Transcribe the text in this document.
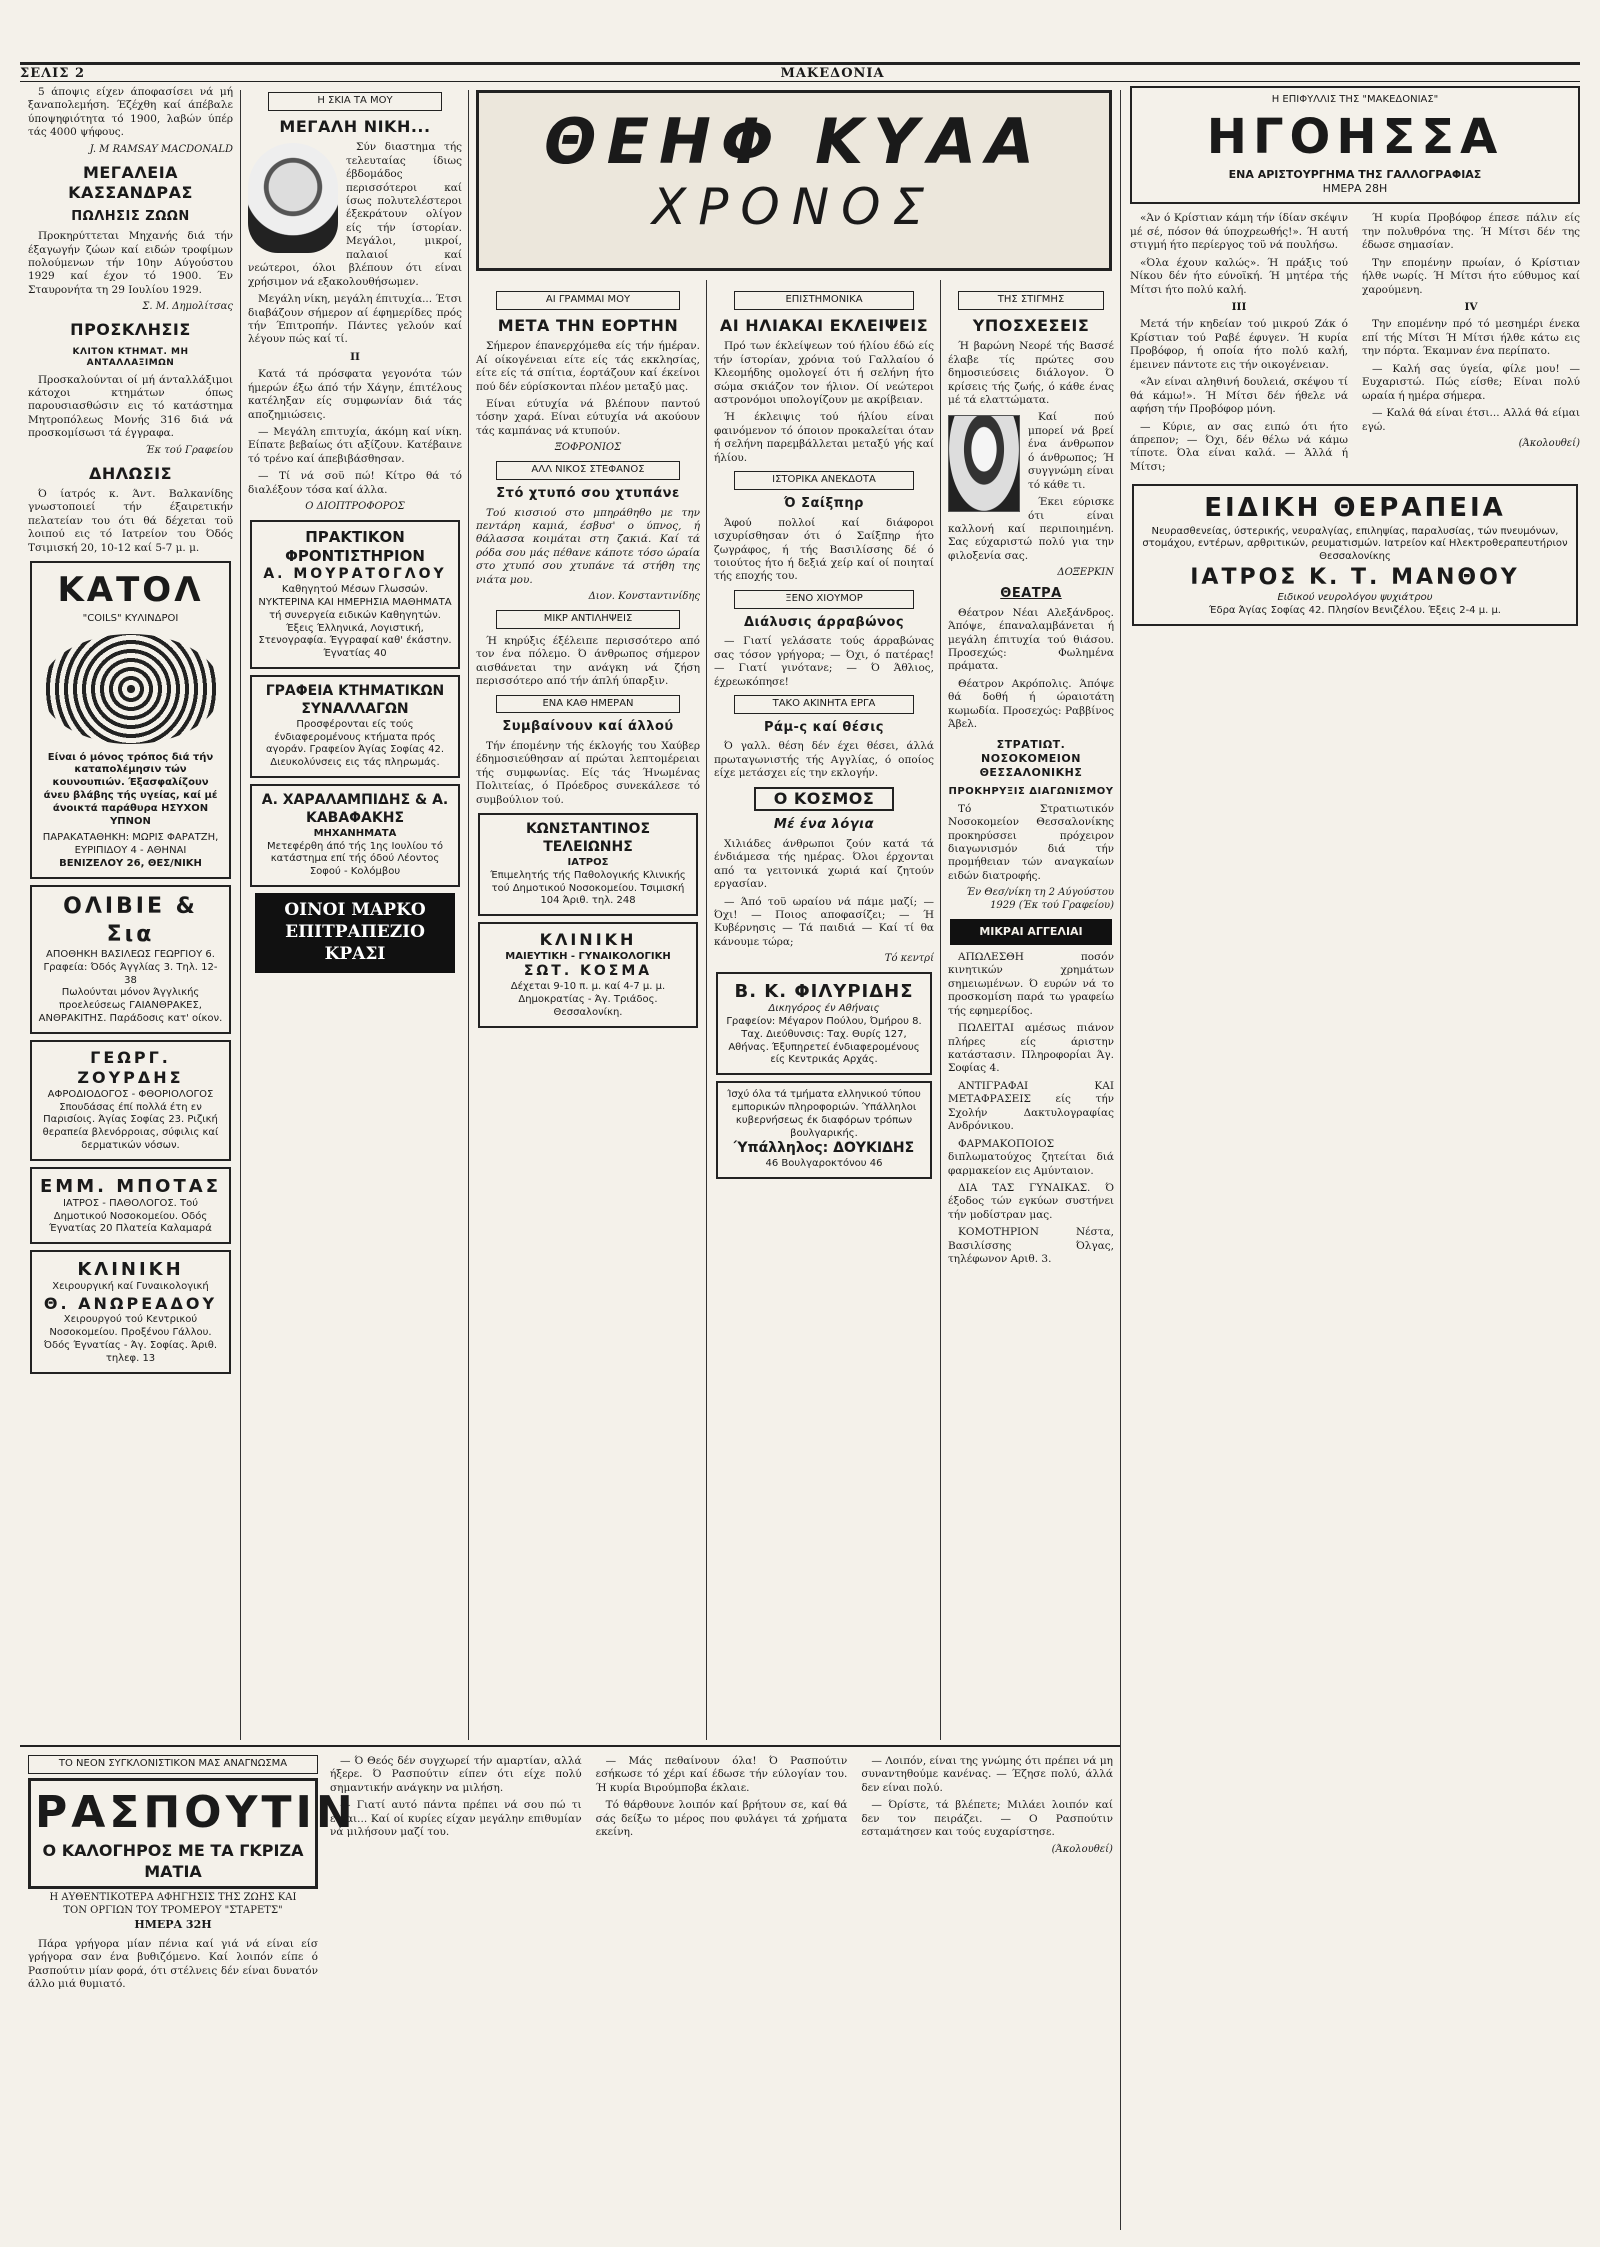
ΣΕΛΙΣ 2	ΜΑΚΕΔΟΝΙΑ

5 άποψις είχεν άποφασίσει νά μή ξαναπολεμήση. Έζέχθη καί άπέβαλε ύποψηφιότητα τό 1900, λαβών ύπέρ τάς 4000 ψήφους.

J. M RAMSAY MACDONALD
ΜΕΓΑΛΕΙΑ ΚΑΣΣΑΝΔΡΑΣ
ΠΩΛΗΣΙΣ ΖΩΩΝ

Προκηρύττεται Μηχανής διά τήν έξαγωγήν ζώων καί ειδών τροφίμων πολούμενων τήν 10ην Αύγούστου 1929 καί έχον τό 1900. Έν Σταυρονήτα τη 29 Ιουλίου 1929.

Σ. Μ. Δημολίτσας
ΠΡΟΣΚΛΗΣΙΣ
ΚΛΙΤΟΝ ΚΤΗΜΑΤ. ΜΗ ΑΝΤΑΛΛΑΞΙΜΩΝ

Προσκαλούνται οί μή άνταλλάξιμοι κάτοχοι κτημάτων όπως παρουσιασθώσιν εις τό κατάστημα Μητροπόλεως Μονής 316 διά νά προσκομίσωσι τά έγγραφα.

Έκ τού Γραφείου
ΔΗΛΩΣΙΣ

Ό ίατρός κ. Άντ. Βαλκανίδης γνωστοποιεί τήν έξαιρετικήν πελατείαν του ότι θά δέχεται τοϋ λοιπού εις τό Ιατρείον του Όδός Τσιμισκή 20, 10-12 καί 5-7 μ. μ.

ΚΑΤΟΛ
"COILS" ΚΥΛΙΝΔΡΟΙ
Είναι ό μόνος τρόπος διά τήν καταπολέμησιν τών κουνουπιών. Έξασφαλίζουν άνευ βλάβης τής υγείας, καί μέ άνοικτά παράθυρα ΗΣΥΧΟΝ ΥΠΝΟΝ
ΠΑΡΑΚΑΤΑΘΗΚΗ: ΜΩΡΙΣ ΦΑΡΑΤΖΗ, ΕΥΡΙΠΙΔΟΥ 4 - ΑΘΗΝΑΙ
ΒΕΝΙΖΕΛΟΥ 26, ΘΕΣ/ΝΙΚΗ
ΟΛΙΒΙΕ & Σια
ΑΠΟΘΗΚΗ ΒΑΣΙΛΕΩΣ ΓΕΩΡΓΙΟΥ 6. Γραφεία: Όδός Άγγλίας 3. Τηλ. 12-38
Πωλούνται μόνον Άγγλικής προελεύσεως ΓΑΙΑΝΘΡΑΚΕΣ, ΑΝΘΡΑΚΙΤΗΣ. Παράδοσις κατ' οίκον.
ΓΕΩΡΓ. ΖΟΥΡΔΗΣ
ΑΦΡΟΔΙΟΔΟΓΟΣ - ΦΘΟΡΙΟΛΟΓΟΣ
Σπουδάσας έπί πολλά έτη εν Παρισίοις. Άγίας Σοφίας 23. Ριζική θεραπεία βλενόρροιας, σύφιλις καί δερματικών νόσων.
ΕΜΜ. ΜΠΟΤΑΣ
ΙΑΤΡΟΣ - ΠΑΘΟΛΟΓΟΣ. Τού Δημοτικού Νοσοκομείου. Οδός Έγνατίας 20 Πλατεία Καλαμαρά
ΚΛΙΝΙΚΗ
Χειρουργική καί Γυναικολογική
Θ. ΑΝΩΡΕΑΔΟΥ
Χειρουργού τού Κεντρικού Νοσοκομείου. Προξένου Γάλλου. Όδός Έγνατίας - Άγ. Σοφίας. Άριθ. τηλεφ. 13
Η ΣΚΙΑ ΤΑ ΜΟΥ
ΜΕΓΑΛΗ ΝΙΚΗ...

Σύν διαστημα τής τελευταίας ίδιως έβδομάδος περισσότεροι καί ίσως πολυτελέστεροι έξεκράτουν ολίγον είς τήν ίστορίαν. Μεγάλοι, μικροί, παλαιοί καί νεώτεροι, όλοι βλέπουν ότι είναι χρήσιμον νά εξακολουθήσωμεν.

Μεγάλη νίκη, μεγάλη έπιτυχία... Έτσι διαβάζουν σήμερον αί έφημερίδες πρός τήν Έπιτροπήν. Πάντες γελούν καί λέγουν πώς καί τί.

II

Κατά τά πρόσφατα γεγονότα τών ήμερών έξω άπό τήν Χάγην, έπιτέλους κατέληξαν είς συμφωνίαν διά τάς αποζημιώσεις.

— Μεγάλη επιτυχία, άκόμη καί νίκη. Είπατε βεβαίως ότι αξίζουν. Κατέβαινε τό τρένο καί άπεβιβάσθησαν.

— Τί νά σοϋ πώ! Κίτρο θά τό διαλέξουν τόσα καί άλλα.

Ο ΔΙΟΠΤΡΟΦΟΡΟΣ
ΠΡΑΚΤΙΚΟΝ ΦΡΟΝΤΙΣΤΗΡΙΟΝ
Α. ΜΟΥΡΑΤΟΓΛΟΥ
Καθηγητού Μέσων Γλωσσών. ΝΥΚΤΕΡΙΝΑ ΚΑΙ ΗΜΕΡΗΣΙΑ ΜΑΘΗΜΑΤΑ τή συνεργεία ειδικών Καθηγητών. Έξεις Έλληνικά, Λογιστική, Στενογραφία. Έγγραφαί καθ' έκάστην. Έγνατίας 40
ΓΡΑΦΕΙΑ ΚΤΗΜΑΤΙΚΩΝ ΣΥΝΑΛΛΑΓΩΝ
Προσφέρονται είς τούς ένδιαφερομένους κτήματα πρός αγοράν. Γραφείον Άγίας Σοφίας 42. Διευκολύνσεις εις τάς πληρωμάς.
Α. ΧΑΡΑΛΑΜΠΙΔΗΣ & Α. ΚΑΒΑΦΑΚΗΣ
ΜΗΧΑΝΗΜΑΤΑ
Μετεφέρθη άπό τής 1ης Ιουλίου τό κατάστημα επί τής όδού Λέοντος Σοφού - Κολόμβου
ΟΙΝΟΙ ΜΑΡΚΟ ΕΠΙΤΡΑΠΕΖΙΟ ΚΡΑΣΙ
ΘΕΗΦ ΚΥΑΑ
ΧΡΟΝΟΣ
ΑΙ ΓΡΑΜΜΑΙ ΜΟΥ
ΜΕΤΑ ΤΗΝ ΕΟΡΤΗΝ

Σήμερον έπανερχόμεθα είς τήν ήμέραν. Αί οίκογένειαι είτε είς τάς εκκλησίας, είτε είς τά σπίτια, έορτάζουν καί έκείνοι πού δέν εύρίσκονται πλέον μεταξύ μας.

Είναι εύτυχία νά βλέπουν παντού τόσην χαρά. Είναι εύτυχία νά ακούουν τάς καμπάνας νά κτυπούν.

ΞΟΦΡΟΝΙΟΣ
ΑΛΛ ΝΙΚΟΣ ΣΤΕΦΑΝΟΣ
Στό χτυπό σου χτυπάνε

Τού κισσιού στο μπηράθηθο με την πεντάρη καμιά, έσβυσ' ο ύπνος, ή θάλασσα κοιμάται στη ζακιά. Καί τά ρόδα σου μάς πέθανε κάποτε τόσο ώραία στο χτυπό σου χτυπάνε τά στήθη της νιάτα μου.

Διον. Κονσταντινίδης
ΜΙΚΡ ΑΝΤΙΛΗΨΕΙΣ

Ή κηρύξις έξέλειπε περισσότερο από τον ένα πόλεμο. Ό άνθρωπος σήμερον αισθάνεται την ανάγκη νά ζήση περισσότερο από τήν άπλή ύπαρξιν.

ΕΝΑ ΚΑΘ ΗΜΕΡΑΝ
Συμβαίνουν καί άλλού

Τήν έπομένην τής έκλογής του Χαύβερ έδημοσιεύθησαν αί πρώται λεπτομέρειαι τής συμφωνίας. Είς τάς Ήνωμένας Πολιτείας, ό Πρόεδρος συνεκάλεσε τό συμβούλιον τού.

ΚΩΝΣΤΑΝΤΙΝΟΣ ΤΕΛΕΙΩΝΗΣ
ΙΑΤΡΟΣ
Έπιμελητής τής Παθολογικής Κλινικής τού Δημοτικού Νοσοκομείου. Τσιμισκή 104 Άριθ. τηλ. 248
ΚΛΙΝΙΚΗ
ΜΑΙΕΥΤΙΚΗ - ΓΥΝΑΙΚΟΛΟΓΙΚΗ
ΣΩΤ. ΚΟΣΜΑ
Δέχεται 9-10 π. μ. καί 4-7 μ. μ. Δημοκρατίας - Άγ. Τριάδος. Θεσσαλονίκη.
ΕΠΙΣΤΗΜΟΝΙΚΑ
ΑΙ ΗΛΙΑΚΑΙ ΕΚΛΕΙΨΕΙΣ

Πρό των έκλείψεων τού ήλίου έδώ είς τήν ίστορίαν, χρόνια τού Γαλλαίου ό Κλεομήδης ομολογεί ότι ή σελήνη ήτο σώμα σκιάζον τον ήλιον. Οί νεώτεροι αστρονόμοι υπολογίζουν με ακρίβειαν.

Ή έκλειψις τού ήλίου είναι φαινόμενον τό όποιον προκαλείται όταν ή σελήνη παρεμβάλλεται μεταξύ γής καί ήλίου.

ΙΣΤΟΡΙΚΑ ΑΝΕΚΔΟΤΑ
Ό Σαίξπηρ

Άφού πολλοί καί διάφοροι ισχυρίσθησαν ότι ό Σαίξπηρ ήτο ζωγράφος, ή τής Βασιλίσσης δέ ό τοιούτος ήτο ή δεξιά χείρ καί οί ποιηταί τής εποχής του.

ΞΕΝΟ ΧΙΟΥΜΟΡ
Διάλυσις άρραβώνος

— Γιατί γελάσατε τούς άρραβώνας σας τόσον γρήγορα; — Όχι, ό πατέρας! — Γιατί γινότανε; — Ό Άθλιος, έχρεωκόπησε!

ΤΑΚΟ ΑΚΙΝΗΤΑ ΕΡΓΑ
Ράμ-ς καί θέσις

Ό γαλλ. θέση δέν έχει θέσει, άλλά πρωταγωνιστής τής Αγγλίας, ό οποίος είχε μετάσχει είς την εκλογήν.

Ο ΚΟΣΜΟΣ
Μέ ένα λόγια

Χιλιάδες άνθρωποι ζούν κατά τά ένδιάμεσα τής ημέρας. Όλοι έρχονται από τα γειτονικά χωριά καί ζητούν εργασίαν.

— Άπό τοϋ ωραίου νά πάμε μαζί; — Όχι! — Ποιος αποφασίζει; — Ή Κυβέρνησις — Τά παιδιά — Καί τί θα κάνουμε τώρα;

Τό κεντρί
Β. Κ. ΦΙΛΥΡΙΔΗΣ
Δικηγόρος έν Αθήναις
Γραφείον: Μέγαρον Πούλου, Όμήρου 8. Ταχ. Διεύθυνσις: Ταχ. Θυρίς 127, Αθήνας. Έξυπηρετεί ένδιαφερομένους είς Κεντρικάς Αρχάς.
Ίσχύ όλα τά τμήματα ελληνικού τύπου εμπορικών πληροφοριών. Ύπάλληλοι κυβερνήσεως έκ διαφόρων τρόπων βουλγαρικής.
Ύπάλληλος: ΔΟΥΚΙΔΗΣ
46 Βουλγαροκτόνου 46
ΤΗΣ ΣΤΙΓΜΗΣ
ΥΠΟΣΧΕΣΕΙΣ

Ή βαρώνη Νεορέ τής Βασσέ έλαβε τίς πρώτες σου δημοσιεύσεις διάλογον. Ό κρίσεις τής ζωής, ό κάθε ένας μέ τά ελαττώματα.

Καί πού μπορεί νά βρεί ένα άνθρωπον ό άνθρωπος; Ή συγγνώμη είναι τό κάθε τι.

Έκει εύρισκε ότι είναι καλλονή καί περιποιημένη. Σας εύχαριστώ πολύ για την φιλοξενία σας.

ΔΟΞΕΡΚΙΝ
ΘΕΑΤΡΑ

Θέατρον Νέαι Αλεξάνδρος. Άπόψε, έπαναλαμβάνεται ή μεγάλη έπιτυχία τού θιάσου. Προσεχώς: Φωλημένα πράματα.

Θέατρον Ακρόπολις. Άπόψε θά δοθή ή ώραιοτάτη κωμωδία. Προσεχώς: Ραββίνος Άβελ.

ΣΤΡΑΤΙΩΤ. ΝΟΣΟΚΟΜΕΙΟΝ ΘΕΣΣΑΛΟΝΙΚΗΣ
ΠΡΟΚΗΡΥΞΙΣ ΔΙΑΓΩΝΙΣΜΟΥ

Τό Στρατιωτικόν Νοσοκομείον Θεσσαλονίκης προκηρύσσει πρόχειρον διαγωνισμόν διά τήν προμήθειαν τών αναγκαίων ειδών διατροφής.

Έν Θεσ/νίκη τη 2 Αύγούστου 1929 (Έκ τού Γραφείου)
ΜΙΚΡΑΙ ΑΓΓΕΛΙΑΙ

ΑΠΩΛΕΣΘΗ ποσόν κινητικών χρημάτων σημειωμένων. Ό ευρών νά το προσκομίση παρά τω γραφείω τής εφημερίδος.

ΠΩΛΕΙΤΑΙ αμέσως πιάνον πλήρες είς άριστην κατάστασιν. Πληροφορίαι Άγ. Σοφίας 4.

ΑΝΤΙΓΡΑΦΑΙ ΚΑΙ ΜΕΤΑΦΡΑΣΕΙΣ είς τήν Σχολήν Δακτυλογραφίας Ανδρόνικου.

ΦΑΡΜΑΚΟΠΟΙΟΣ διπλωματούχος ζητείται διά φαρμακείον εις Αμύνταιον.

ΔΙΑ ΤΑΣ ΓΥΝΑΙΚΑΣ. Ό έξοδος τών εγκύων συστήνει τήν μοδίστραν μας.

ΚΟΜΟΤΗΡΙΟΝ Νέστα, Βασιλίσσης Όλγας, τηλέφωνον Αριθ. 3.

Η ΕΠΙΦΥΛΛΙΣ ΤΗΣ "ΜΑΚΕΔΟΝΙΑΣ"
ΗΓΟΗΣΣΑ
ΕΝΑ ΑΡΙΣΤΟΥΡΓΗΜΑ ΤΗΣ ΓΑΛΛΟΓΡΑΦΙΑΣ
ΗΜΕΡΑ 28Η

«Άν ό Κρίστιαν κάμη τήν ίδίαν σκέψιν μέ σέ, πόσον θά ύποχρεωθής!». Ή αυτή στιγμή ήτο περίεργος τοϋ νά πουλήσω.

«Όλα έχουν καλώς». Ή πράξις τού Νίκου δέν ήτο εύνοϊκή. Ή μητέρα τής Μίτσι ήτο πολύ καλή.

III

Μετά τήν κηδείαν τού μικρού Ζάκ ό Κρίστιαν τού Ραβέ έφυγεν. Ή κυρία Προβόφορ, ή οποία ήτο πολύ καλή, έμεινεν πάντοτε εις τήν οικογένειαν.

«Άν είναι αληθινή δουλειά, σκέψου τί θά κάμω!». Ή Μίτσι δέν ήθελε νά αφήση τήν Προβόφορ μόνη.

— Κύριε, αν σας ειπώ ότι ήτο άπρεπον; — Όχι, δέν θέλω νά κάμω τίποτε. Όλα είναι καλά. — Άλλά ή Μίτσι;

Ή κυρία Προβόφορ έπεσε πάλιν είς την πολυθρόνα της. Ή Μίτσι δέν της έδωσε σημασίαν.

Την επομένην πρωίαν, ό Κρίστιαν ήλθε νωρίς. Ή Μίτσι ήτο εύθυμος καί χαρούμενη.

IV

Την επομένην πρό τό μεσημέρι ένεκα επί τής Μίτσι Ή Μίτσι ήλθε κάτω εις την πόρτα. Έκαμναν ένα περίπατο.

— Καλή σας ύγεία, φίλε μου! — Ευχαριστώ. Πώς είσθε; Είναι πολύ ωραία ή ημέρα σήμερα.

— Καλά θά είναι έτσι... Αλλά θά είμαι εγώ.

(Άκολουθεί)
ΕΙΔΙΚΗ ΘΕΡΑΠΕΙΑ
Νευρασθενείας, ύστερικής, νευραλγίας, επιληψίας, παραλυσίας, τών πνευμόνων, στομάχου, εντέρων, αρθριτικών, ρευματισμών. Ιατρείον καί Ηλεκτροθεραπευτήριον Θεσσαλονίκης
ΙΑΤΡΟΣ Κ. Τ. ΜΑΝΘΟΥ
Ειδικού νευρολόγου ψυχιάτρου
Έδρα Άγίας Σοφίας 42. Πλησίον Βενιζέλου. Έξεις 2-4 μ. μ.
ΤΟ ΝΕΟΝ ΣΥΓΚΛΟΝΙΣΤΙΚΟΝ ΜΑΣ ΑΝΑΓΝΩΣΜΑ
ΡΑΣΠΟΥΤΙΝ
Ο ΚΑΛΟΓΗΡΟΣ ΜΕ ΤΑ ΓΚΡΙΖΑ ΜΑΤΙΑ
Η ΑΥΘΕΝΤΙΚΟΤΕΡΑ ΑΦΗΓΗΣΙΣ ΤΗΣ ΖΩΗΣ ΚΑΙ
ΤΟΝ ΟΡΓΙΩΝ ΤΟΥ ΤΡΟΜΕΡΟΥ "ΣΤΑΡΕΤΣ"
ΗΜΕΡΑ 32Η

Πάρα γρήγορα μίαν πένια καί γιά νά είναι είσ γρήγορα σαν ένα βυθιζόμενο. Καί λοιπόν είπε ό Ρασπούτιν μίαν φορά, ότι στέλνεις δέν είναι δυνατόν άλλο μιά θυμιατό.

— Ό Θεός δέν συγχωρεί τήν αμαρτίαν, αλλά ήξερε. Ό Ρασπούτιν είπεν ότι είχε πολύ σημαντικήν ανάγκην να μιλήση.

— Γιατί αυτό πάντα πρέπει νά σου πώ τι είναι... Καί οί κυρίες είχαν μεγάλην επιθυμίαν νά μιλήσουν μαζί του.

— Μάς πεθαίνουν όλα! Ό Ρασπούτιν εσήκωσε τό χέρι καί έδωσε τήν εύλογίαν του. Ή κυρία Βιρούμποβα έκλαιε.

Τό θάρθουνε λοιπόν καί βρήτουν σε, καί θά σάς δείξω το μέρος που φυλάγει τά χρήματα εκείνη.

— Λοιπόν, είναι της γνώμης ότι πρέπει νά μη συναντηθούμε κανένας. — Έζησε πολύ, άλλά δεν είναι πολύ.

— Όρίστε, τά βλέπετε; Μιλάει λοιπόν καί δεν τον πειράζει. — Ο Ρασπούτιν εσταμάτησεν και τούς ευχαρίστησε.

(Άκολουθεί)
